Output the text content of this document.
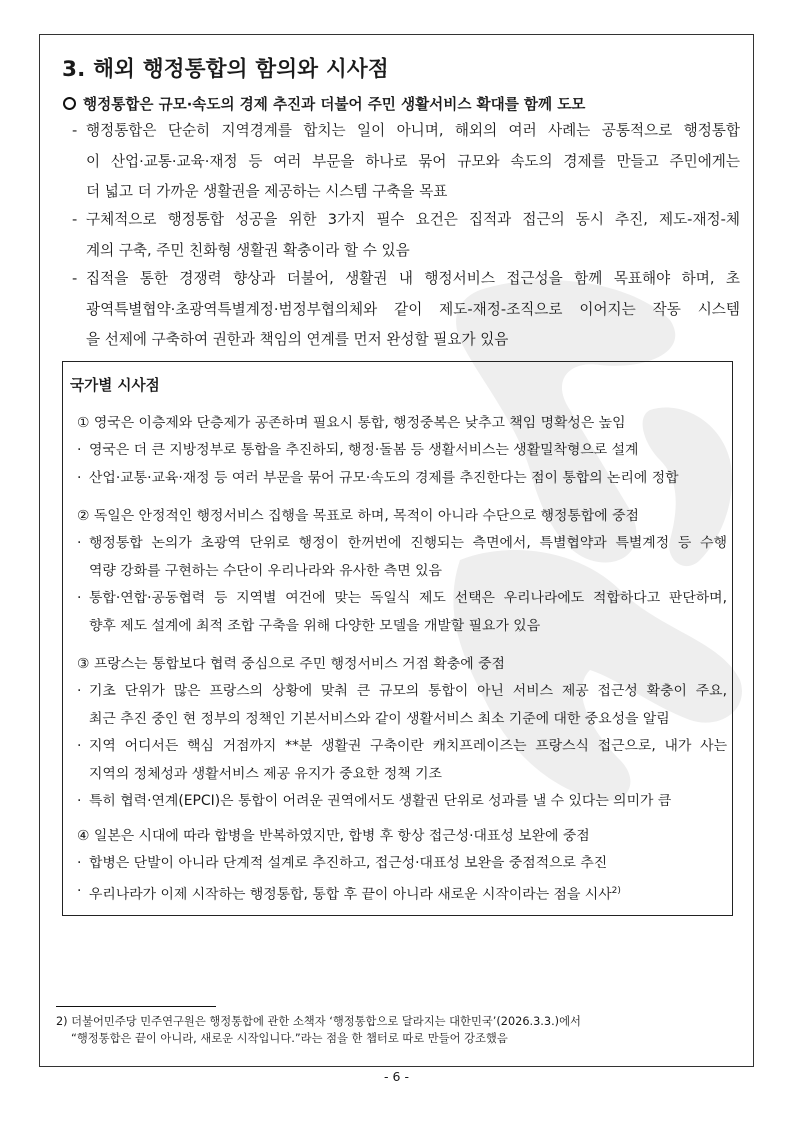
3. 해외 행정통합의 함의와 시사점
행정통합은 규모·속도의 경제 추진과 더불어 주민 생활서비스 확대를 함께 도모
- 행정통합은 단순히 지역경계를 합치는 일이 아니며, 해외의 여러 사례는 공통적으로 행정통합
이 산업·교통·교육·재정 등 여러 부문을 하나로 묶어 규모와 속도의 경제를 만들고 주민에게는
더 넓고 더 가까운 생활권을 제공하는 시스템 구축을 목표
- 구체적으로 행정통합 성공을 위한 3가지 필수 요건은 집적과 접근의 동시 추진, 제도-재정-체
계의 구축, 주민 친화형 생활권 확충이라 할 수 있음
- 집적을 통한 경쟁력 향상과 더불어, 생활권 내 행정서비스 접근성을 함께 목표해야 하며, 초
광역특별협약·초광역특별계정·범정부협의체와 같이 제도-재정-조직으로 이어지는 작동 시스템
을 선제에 구축하여 권한과 책임의 연계를 먼저 완성할 필요가 있음
국가별 시사점
① 영국은 이층제와 단층제가 공존하며 필요시 통합, 행정중복은 낮추고 책임 명확성은 높임
· 영국은 더 큰 지방정부로 통합을 추진하되, 행정·돌봄 등 생활서비스는 생활밀착형으로 설계
· 산업·교통·교육·재정 등 여러 부문을 묶어 규모·속도의 경제를 추진한다는 점이 통합의 논리에 정합
② 독일은 안정적인 행정서비스 집행을 목표로 하며, 목적이 아니라 수단으로 행정통합에 중점
· 행정통합 논의가 초광역 단위로 행정이 한꺼번에 진행되는 측면에서, 특별협약과 특별계정 등 수행
역량 강화를 구현하는 수단이 우리나라와 유사한 측면 있음
· 통합·연합·공동협력 등 지역별 여건에 맞는 독일식 제도 선택은 우리나라에도 적합하다고 판단하며,
향후 제도 설계에 최적 조합 구축을 위해 다양한 모델을 개발할 필요가 있음
③ 프랑스는 통합보다 협력 중심으로 주민 행정서비스 거점 확충에 중점
· 기초 단위가 많은 프랑스의 상황에 맞춰 큰 규모의 통합이 아닌 서비스 제공 접근성 확충이 주요,
최근 추진 중인 현 정부의 정책인 기본서비스와 같이 생활서비스 최소 기준에 대한 중요성을 알림
· 지역 어디서든 핵심 거점까지 **분 생활권 구축이란 캐치프레이즈는 프랑스식 접근으로, 내가 사는
지역의 정체성과 생활서비스 제공 유지가 중요한 정책 기조
· 특히 협력·연계(EPCI)은 통합이 어려운 권역에서도 생활권 단위로 성과를 낼 수 있다는 의미가 큼
④ 일본은 시대에 따라 합병을 반복하였지만, 합병 후 항상 접근성·대표성 보완에 중점
· 합병은 단발이 아니라 단계적 설계로 추진하고, 접근성·대표성 보완을 중점적으로 추진
· 우리나라가 이제 시작하는 행정통합, 통합 후 끝이 아니라 새로운 시작이라는 점을 시사$^{2)}$
2) 더불어민주당 민주연구원은 행정통합에 관한 소책자 ‘행정통합으로 달라지는 대한민국’(2026.3.3.)에서
“행정통합은 끝이 아니라, 새로운 시작입니다.”라는 점을 한 챕터로 따로 만들어 강조했음
- 6 -
